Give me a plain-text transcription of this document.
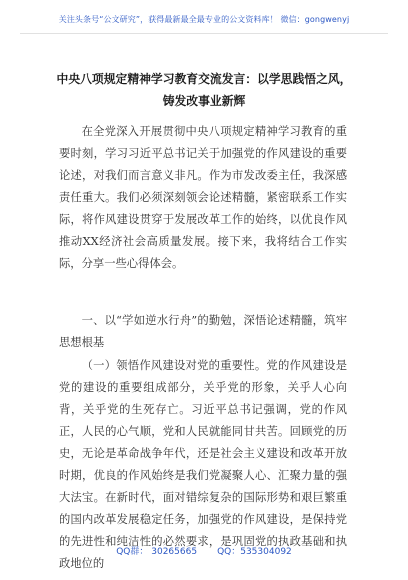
关注头条号“公文研究”，获得最新最全最专业的公文资料库！ 微信：gongwenyj
中央八项规定精神学习教育交流发言：以学思践悟之风，
铸发改事业新辉
在全党深入开展贯彻中央八项规定精神学习教育的重要时刻，学习习近平总书记关于加强党的作风建设的重要论述，对我们而言意义非凡。作为市发改委主任，我深感责任重大。我们必须深刻领会论述精髓，紧密联系工作实际，将作风建设贯穿于发展改革工作的始终，以优良作风推动XX经济社会高质量发展。接下来，我将结合工作实际，分享一些心得体会。
一、以“学如逆水行舟”的勤勉，深悟论述精髓，筑牢思想根基
（一）领悟作风建设对党的重要性。党的作风建设是党的建设的重要组成部分，关乎党的形象，关乎人心向背，关乎党的生死存亡。习近平总书记强调，党的作风正，人民的心气顺，党和人民就能同甘共苦。回顾党的历史，无论是革命战争年代，还是社会主义建设和改革开放时期，优良的作风始终是我们党凝聚人心、汇聚力量的强大法宝。在新时代，面对错综复杂的国际形势和艰巨繁重的国内改革发展稳定任务，加强党的作风建设，是保持党的先进性和纯洁性的必然要求，是巩固党的执政基础和执政地位的
QQ群： 30265665 QQ：535304092
